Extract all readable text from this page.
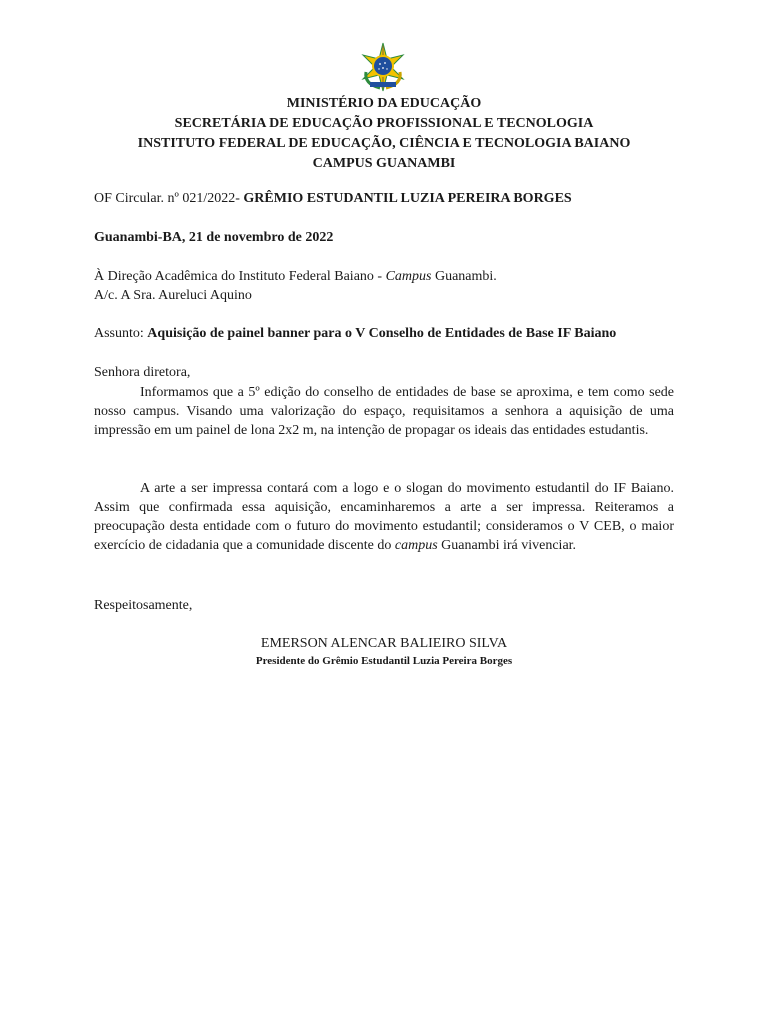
MINISTÉRIO DA EDUCAÇÃO
SECRETÁRIA DE EDUCAÇÃO PROFISSIONAL E TECNOLOGIA
INSTITUTO FEDERAL DE EDUCAÇÃO, CIÊNCIA E TECNOLOGIA BAIANO
CAMPUS GUANAMBI
OF Circular. nº 021/2022- GRÊMIO ESTUDANTIL LUZIA PEREIRA BORGES
Guanambi-BA, 21 de novembro de 2022
À Direção Acadêmica do Instituto Federal Baiano - Campus Guanambi.
A/c. A Sra. Aureluci Aquino
Assunto: Aquisição de painel banner para o V Conselho de Entidades de Base IF Baiano
Senhora diretora,
Informamos que a 5º edição do conselho de entidades de base se aproxima, e tem como sede nosso campus. Visando uma valorização do espaço, requisitamos a senhora a aquisição de uma impressão em um painel de lona 2x2 m, na intenção de propagar os ideais das entidades estudantis.
A arte a ser impressa contará com a logo e o slogan do movimento estudantil do IF Baiano. Assim que confirmada essa aquisição, encaminharemos a arte a ser impressa. Reiteramos a preocupação desta entidade com o futuro do movimento estudantil; consideramos o V CEB, o maior exercício de cidadania que a comunidade discente do campus Guanambi irá vivenciar.
Respeitosamente,
EMERSON ALENCAR BALIEIRO SILVA
Presidente do Grêmio Estudantil Luzia Pereira Borges
